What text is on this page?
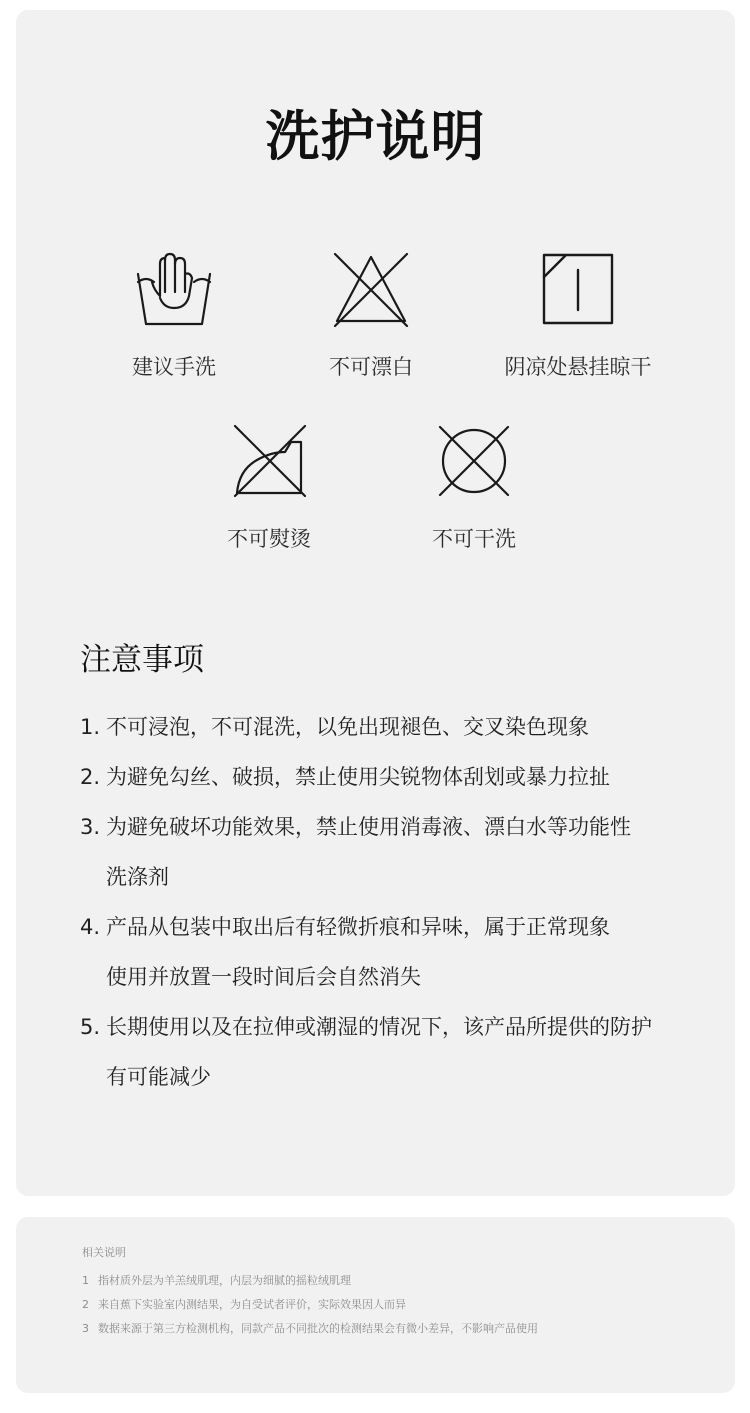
洗护说明
建议手洗	不可漂白	阴凉处悬挂晾干
不可熨烫	不可干洗
注意事项
1. 不可浸泡，不可混洗，以免出现褪色、交叉染色现象
2. 为避免勾丝、破损，禁止使用尖锐物体刮划或暴力拉扯
3. 为避免破坏功能效果，禁止使用消毒液、漂白水等功能性
洗涤剂
4. 产品从包装中取出后有轻微折痕和异味，属于正常现象
使用并放置一段时间后会自然消失
5. 长期使用以及在拉伸或潮湿的情况下，该产品所提供的防护
有可能减少
相关说明
1 指材质外层为羊羔绒肌理，内层为细腻的摇粒绒肌理
2 来自蕉下实验室内测结果，为自受试者评价，实际效果因人而异
3 数据来源于第三方检测机构，同款产品不同批次的检测结果会有微小差异，不影响产品使用
